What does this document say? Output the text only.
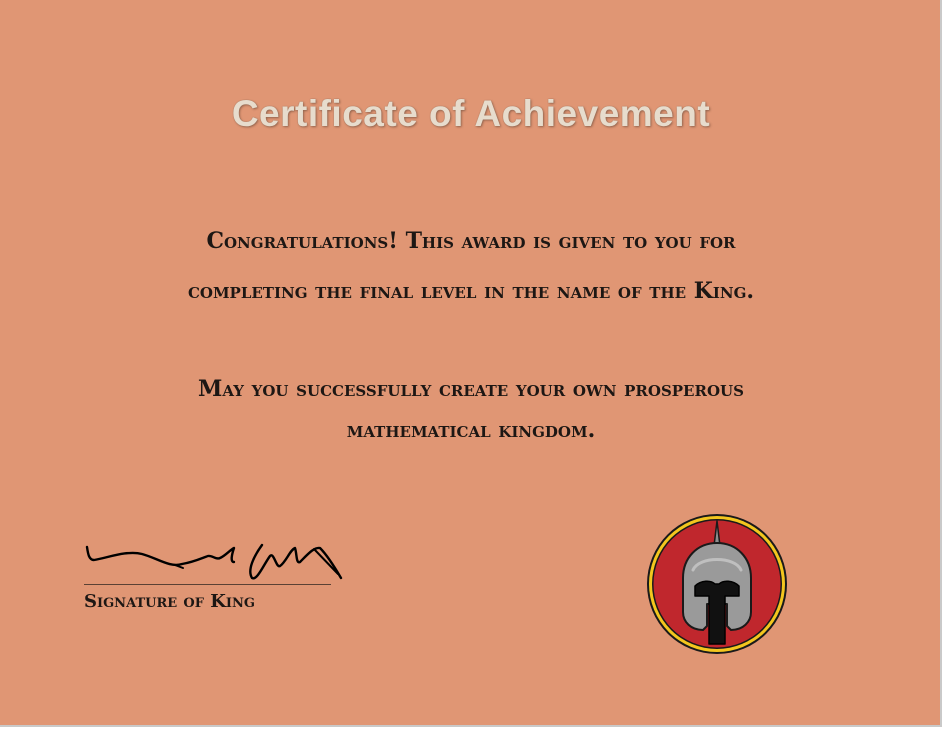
Certificate of Achievement

Congratulations! This award is given to you for

completing the final level in the name of the King.

May you successfully create your own prosperous

mathematical kingdom.

Signature of King
